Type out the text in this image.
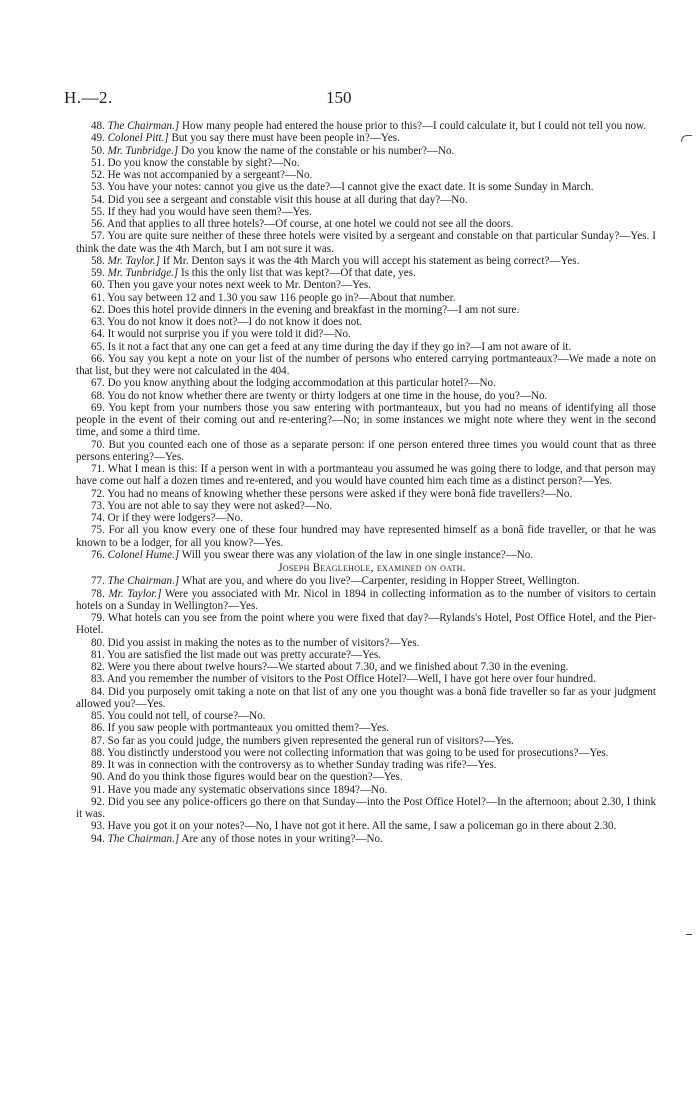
H.—2.	150

48. The Chairman.] How many people had entered the house prior to this?—I could calculate it, but I could not tell you now.

49. Colonel Pitt.] But you say there must have been people in?—Yes.

50. Mr. Tunbridge.] Do you know the name of the constable or his number?—No.

51. Do you know the constable by sight?—No.

52. He was not accompanied by a sergeant?—No.

53. You have your notes: cannot you give us the date?—I cannot give the exact date. It is some Sunday in March.

54. Did you see a sergeant and constable visit this house at all during that day?—No.

55. If they had you would have seen them?—Yes.

56. And that applies to all three hotels?—Of course, at one hotel we could not see all the doors.

57. You are quite sure neither of these three hotels were visited by a sergeant and constable on that particular Sunday?—Yes. I think the date was the 4th March, but I am not sure it was.

58. Mr. Taylor.] If Mr. Denton says it was the 4th March you will accept his statement as being correct?—Yes.

59. Mr. Tunbridge.] Is this the only list that was kept?—Of that date, yes.

60. Then you gave your notes next week to Mr. Denton?—Yes.

61. You say between 12 and 1.30 you saw 116 people go in?—About that number.

62. Does this hotel provide dinners in the evening and breakfast in the morning?—I am not sure.

63. You do not know it does not?—I do not know it does not.

64. It would not surprise you if you were told it did?—No.

65. Is it not a fact that any one can get a feed at any time during the day if they go in?—I am not aware of it.

66. You say you kept a note on your list of the number of persons who entered carrying portmanteaux?—We made a note on that list, but they were not calculated in the 404.

67. Do you know anything about the lodging accommodation at this particular hotel?—No.

68. You do not know whether there are twenty or thirty lodgers at one time in the house, do you?—No.

69. You kept from your numbers those you saw entering with portmanteaux, but you had no means of identifying all those people in the event of their coming out and re-entering?—No; in some instances we might note where they went in the second time, and some a third time.

70. But you counted each one of those as a separate person: if one person entered three times you would count that as three persons entering?—Yes.

71. What I mean is this: If a person went in with a portmanteau you assumed he was going there to lodge, and that person may have come out half a dozen times and re-entered, and you would have counted him each time as a distinct person?—Yes.

72. You had no means of knowing whether these persons were asked if they were bonâ fide travellers?—No.

73. You are not able to say they were not asked?—No.

74. Or if they were lodgers?—No.

75. For all you know every one of these four hundred may have represented himself as a bonâ fide traveller, or that he was known to be a lodger, for all you know?—Yes.

76. Colonel Hume.] Will you swear there was any violation of the law in one single instance?—No.

Joseph Beaglehole, examined on oath.

77. The Chairman.] What are you, and where do you live?—Carpenter, residing in Hopper Street, Wellington.

78. Mr. Taylor.] Were you associated with Mr. Nicol in 1894 in collecting information as to the number of visitors to certain hotels on a Sunday in Wellington?—Yes.

79. What hotels can you see from the point where you were fixed that day?—Rylands's Hotel, Post Office Hotel, and the Pier-Hotel.

80. Did you assist in making the notes as to the number of visitors?—Yes.

81. You are satisfied the list made out was pretty accurate?—Yes.

82. Were you there about twelve hours?—We started about 7.30, and we finished about 7.30 in the evening.

83. And you remember the number of visitors to the Post Office Hotel?—Well, I have got here over four hundred.

84. Did you purposely omit taking a note on that list of any one you thought was a bonâ fide traveller so far as your judgment allowed you?—Yes.

85. You could not tell, of course?—No.

86. If you saw people with portmanteaux you omitted them?—Yes.

87. So far as you could judge, the numbers given represented the general run of visitors?—Yes.

88. You distinctly understood you were not collecting information that was going to be used for prosecutions?—Yes.

89. It was in connection with the controversy as to whether Sunday trading was rife?—Yes.

90. And do you think those figures would bear on the question?—Yes.

91. Have you made any systematic observations since 1894?—No.

92. Did you see any police-officers go there on that Sunday—into the Post Office Hotel?—In the afternoon; about 2.30, I think it was.

93. Have you got it on your notes?—No, I have not got it here. All the same, I saw a policeman go in there about 2.30.

94. The Chairman.] Are any of those notes in your writing?—No.
